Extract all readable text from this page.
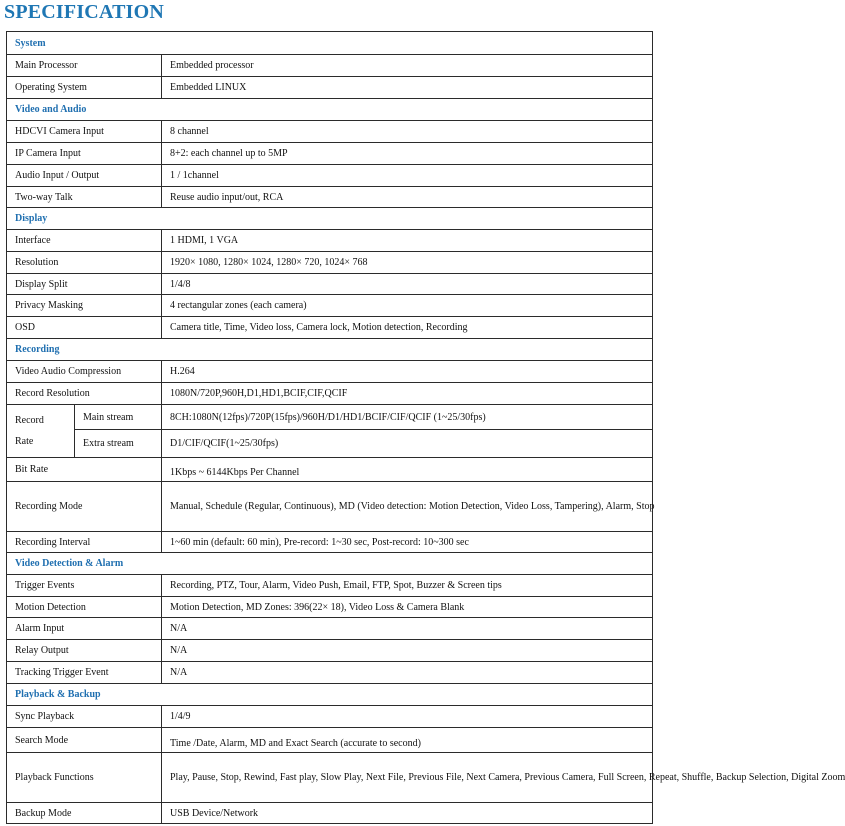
SPECIFICATION
System		
Main Processor		Embedded processor
Operating System		Embedded LINUX
Video and Audio		
HDCVI Camera Input		8 channel
IP Camera Input		8+2: each channel up to 5MP
Audio Input / Output		1 / 1channel
Two-way Talk		Reuse audio input/out, RCA
Display		
Interface		1 HDMI, 1 VGA
Resolution		1920× 1080, 1280× 1024, 1280× 720, 1024× 768
Display Split		1/4/8
Privacy Masking		4 rectangular zones (each camera)
OSD		Camera title, Time, Video loss, Camera lock, Motion detection, Recording
Recording		
Video Audio Compression		H.264
Record Resolution		1080N/720P,960H,D1,HD1,BCIF,CIF,QCIF

Record
Rate	Main stream	8CH:1080N(12fps)/720P(15fps)/960H/D1/HD1/BCIF/CIF/QCIF (1~25/30fps)
	Extra stream	D1/CIF/QCIF(1~25/30fps)
Bit Rate		1Kbps ~ 6144Kbps Per Channel
Recording Mode		Manual, Schedule (Regular, Continuous), MD (Video detection: Motion Detection, Video Loss, Tampering), Alarm, Stop
Recording Interval		1~60 min (default: 60 min), Pre-record: 1~30 sec, Post-record: 10~300 sec
Video Detection & Alarm		
Trigger Events		Recording, PTZ, Tour, Alarm, Video Push, Email, FTP, Spot, Buzzer & Screen tips
Motion Detection		Motion Detection, MD Zones: 396(22× 18), Video Loss & Camera Blank
Alarm Input		N/A
Relay Output		N/A
Tracking Trigger Event		N/A
Playback & Backup		
Sync Playback		1/4/9
Search Mode		Time /Date, Alarm, MD and Exact Search (accurate to second)
Playback Functions		Play, Pause, Stop, Rewind, Fast play, Slow Play, Next File, Previous File, Next Camera, Previous Camera, Full Screen, Repeat, Shuffle, Backup Selection, Digital Zoom
Backup Mode		USB Device/Network
